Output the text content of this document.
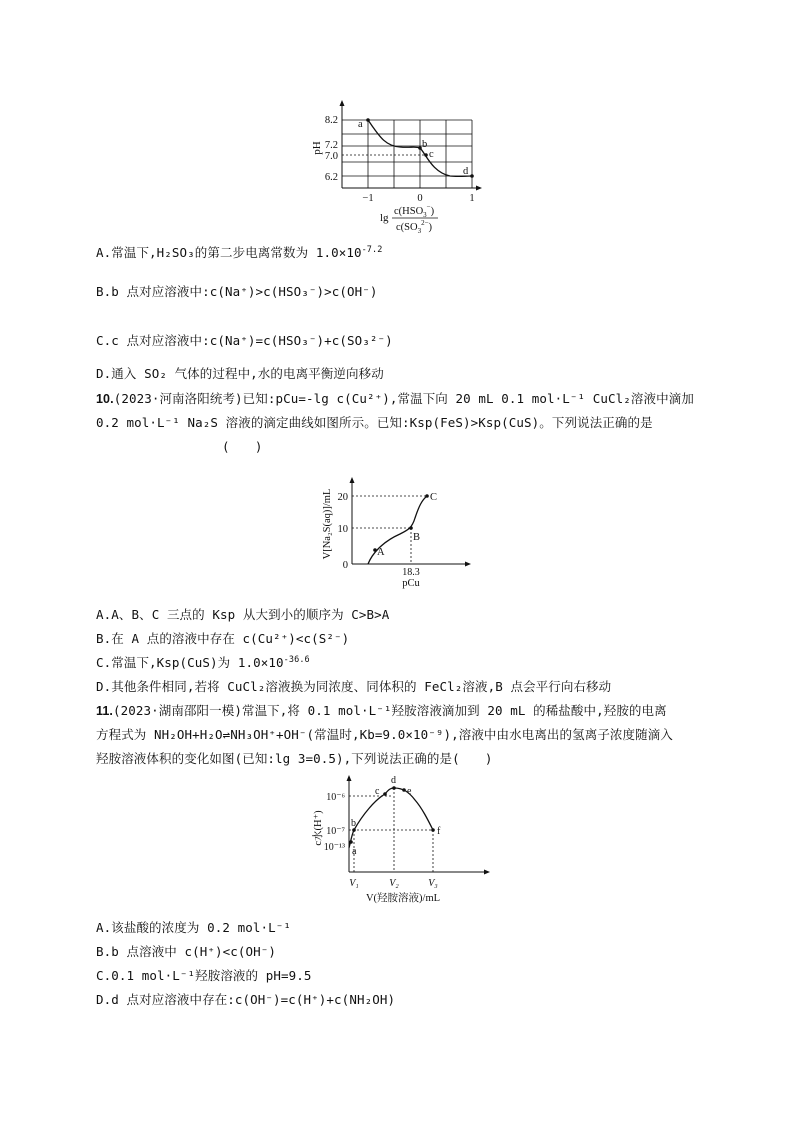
8.2
7.2
7.0
6.2
pH
−1	0	1
a
b
c
d
lg
$c(HSO_3^-)$
$c(SO_3^{2-})$
A.常温下,H₂SO₃的第二步电离常数为 $1.0\times 10^{-7.2}$
B.b 点对应溶液中:c(Na⁺)>c(HSO₃⁻)>c(OH⁻)
C.c 点对应溶液中:c(Na⁺)=c(HSO₃⁻)+c(SO₃²⁻)
D.通入 SO₂ 气体的过程中,水的电离平衡逆向移动
10.(2023·河南洛阳统考)已知:pCu=-lg c(Cu²⁺),常温下向 20 mL 0.1 mol·L⁻¹ CuCl₂溶液中滴加
0.2 mol·L⁻¹ Na₂S 溶液的滴定曲线如图所示。已知:Ksp(FeS)>Ksp(CuS)。下列说法正确的是
(　　)
20
10
0
V[Na₂S(aq)]/mL	A
B
C
18.3
pCu
A.A、B、C 三点的 Ksp 从大到小的顺序为 C>B>A
B.在 A 点的溶液中存在 c(Cu²⁺)<c(S²⁻)
C.常温下,Ksp(CuS)为 $1.0\times 10^{-36.6}$
D.其他条件相同,若将 CuCl₂溶液换为同浓度、同体积的 FeCl₂溶液,B 点会平行向右移动
11.(2023·湖南邵阳一模)常温下,将 0.1 mol·L⁻¹羟胺溶液滴加到 20 mL 的稀盐酸中,羟胺的电离
方程式为 NH₂OH+H₂O⇌NH₃OH⁺+OH⁻(常温时,Kb=9.0×10⁻⁹),溶液中由水电离出的氢离子浓度随滴入
羟胺溶液体积的变化如图(已知:lg 3=0.5),下列说法正确的是(　　)
10⁻⁶
10⁻⁷
10⁻¹³
c水(H⁺)
a
b
c
d
e
f
V₁	V₂	V₃
V(羟胺溶液)/mL
A.该盐酸的浓度为 0.2 mol·L⁻¹
B.b 点溶液中 c(H⁺)<c(OH⁻)
C.0.1 mol·L⁻¹羟胺溶液的 pH=9.5
D.d 点对应溶液中存在:c(OH⁻)=c(H⁺)+c(NH₂OH)
